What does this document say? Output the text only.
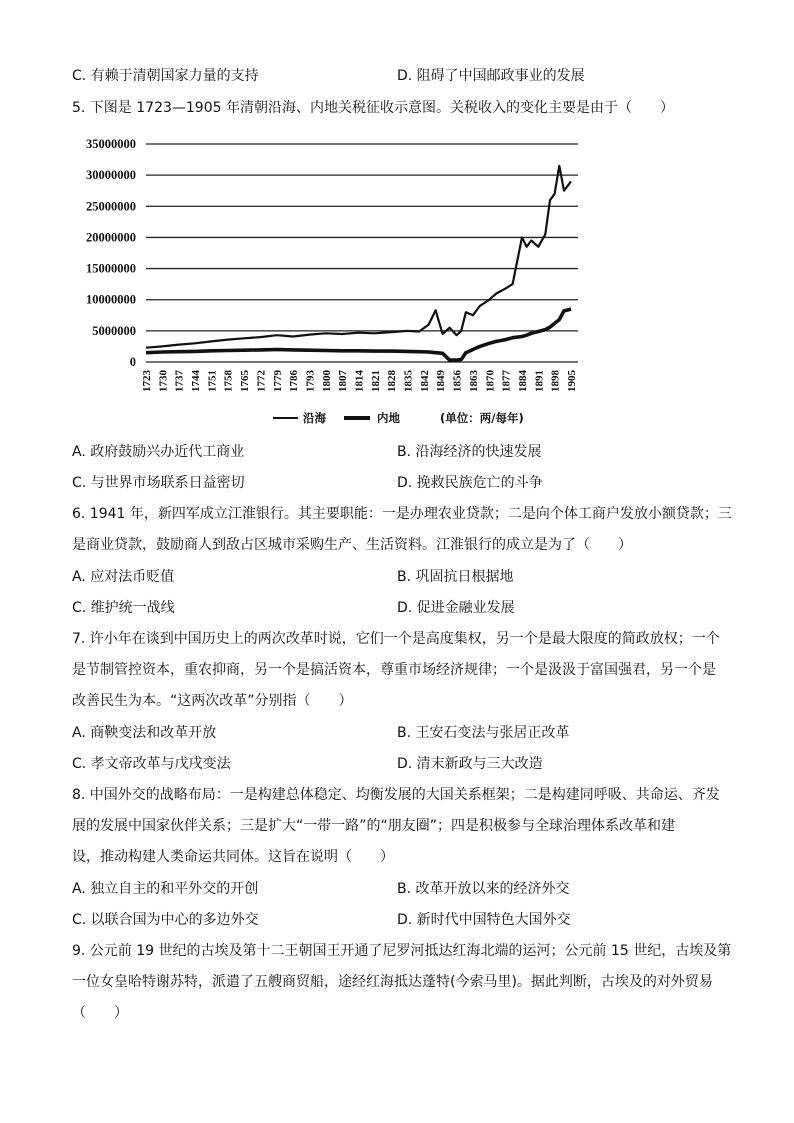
C. 有赖于清朝国家力量的支持	D. 阻碍了中国邮政事业的发展
5. 下图是 1723—1905 年清朝沿海、内地关税征收示意图。关税收入的变化主要是由于（　　）
35000000
30000000
25000000
20000000
15000000
10000000
5000000
0
1723 1730 1737 1744 1751 1758 1765 1772 1779 1786 1793 1800 1807 1814 1821 1828 1835 1842 1849 1856 1863 1870 1877 1884 1891 1898 1905
沿海	内地	(单位：两/每年)
A. 政府鼓励兴办近代工商业	B. 沿海经济的快速发展
C. 与世界市场联系日益密切	D. 挽救民族危亡的斗争
6. 1941 年，新四军成立江淮银行。其主要职能：一是办理农业贷款；二是向个体工商户发放小额贷款；三
是商业贷款，鼓励商人到敌占区城市采购生产、生活资料。江淮银行的成立是为了（　　）
A. 应对法币贬值	B. 巩固抗日根据地
C. 维护统一战线	D. 促进金融业发展
7. 许小年在谈到中国历史上的两次改革时说，它们一个是高度集权，另一个是最大限度的简政放权；一个
是节制管控资本，重农抑商，另一个是搞活资本，尊重市场经济规律；一个是汲汲于富国强君，另一个是
改善民生为本。“这两次改革”分别指（　　）
A. 商鞅变法和改革开放	B. 王安石变法与张居正改革
C. 孝文帝改革与戊戌变法	D. 清末新政与三大改造
8. 中国外交的战略布局：一是构建总体稳定、均衡发展的大国关系框架；二是构建同呼吸、共命运、齐发
展的发展中国家伙伴关系；三是扩大“一带一路”的“朋友圈”；四是积极参与全球治理体系改革和建
设，推动构建人类命运共同体。这旨在说明（　　）
A. 独立自主的和平外交的开创	B. 改革开放以来的经济外交
C. 以联合国为中心的多边外交	D. 新时代中国特色大国外交
9. 公元前 19 世纪的古埃及第十二王朝国王开通了尼罗河抵达红海北端的运河；公元前 15 世纪，古埃及第
一位女皇哈特谢苏特，派遣了五艘商贸船，途经红海抵达蓬特(今索马里)。据此判断，古埃及的对外贸易
（　　）
